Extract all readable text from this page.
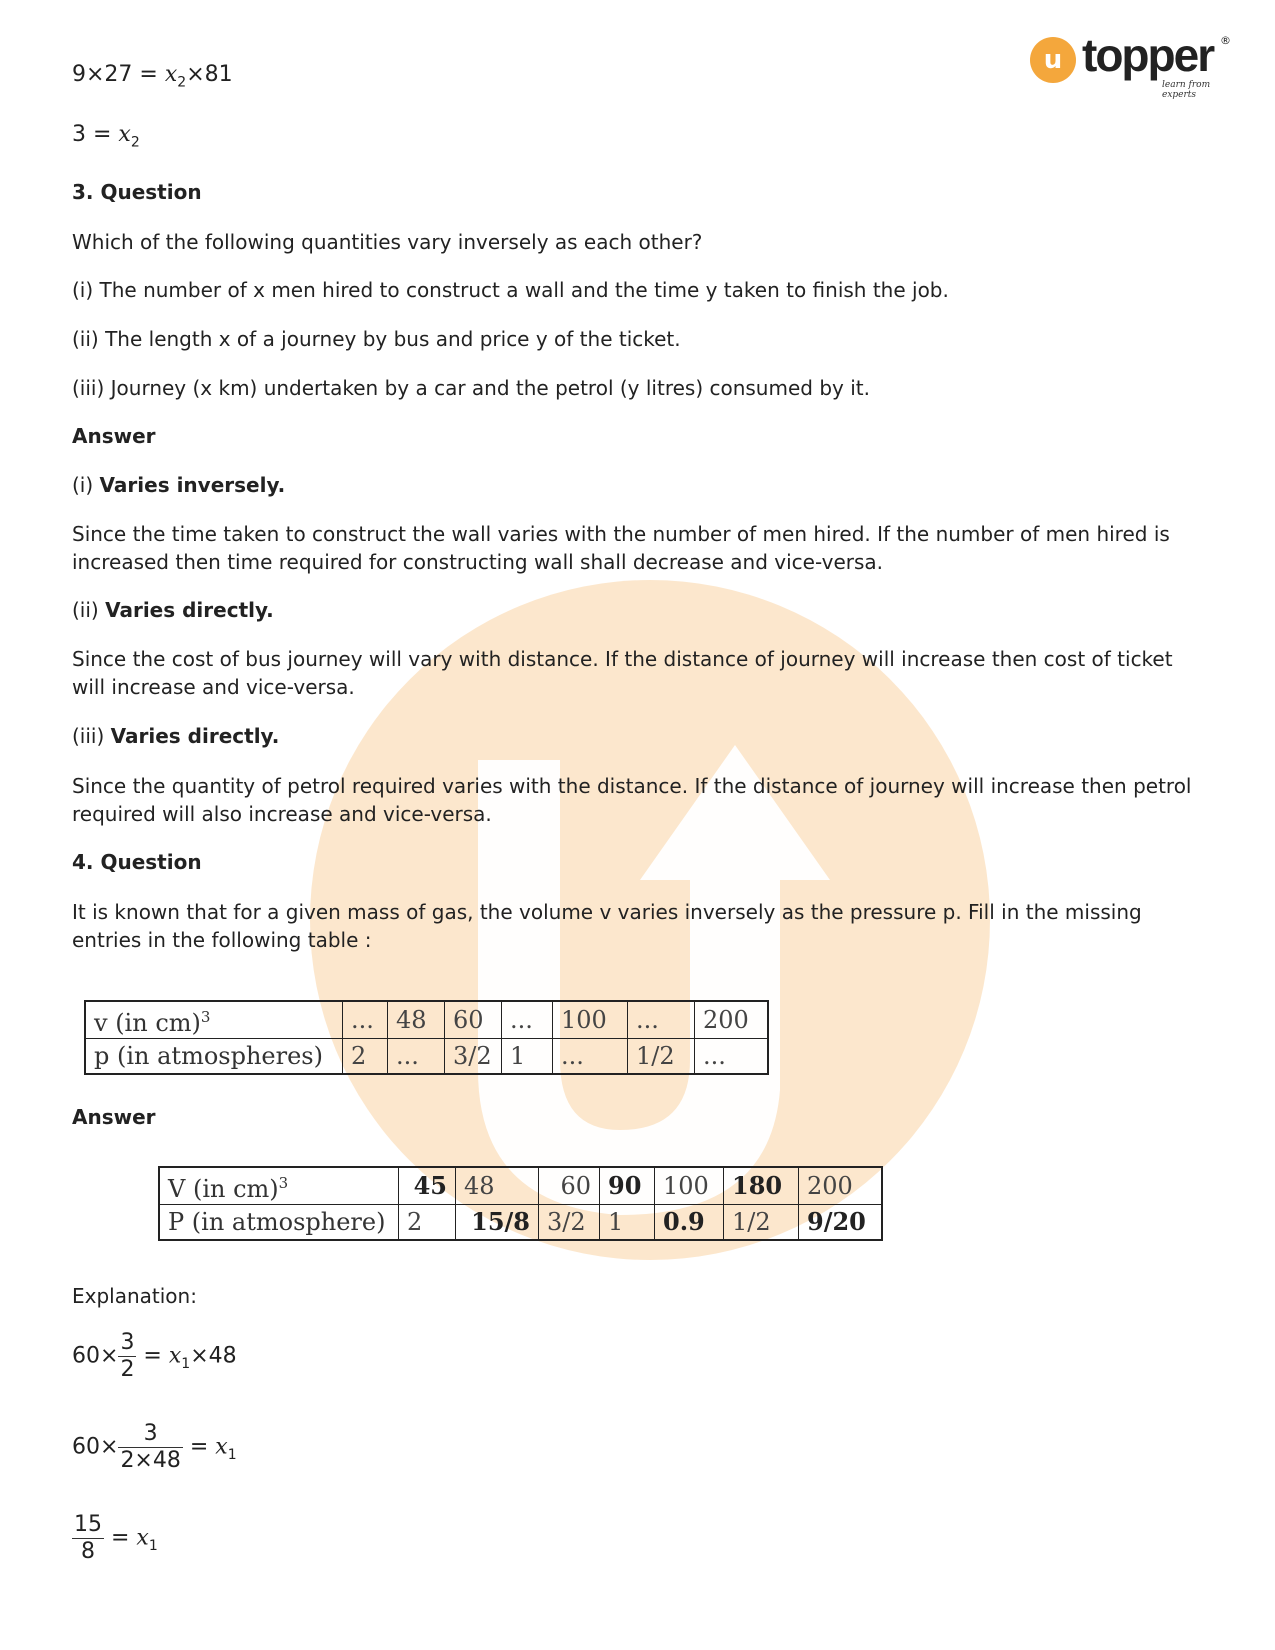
u topper ®
learn from experts
$9\times 27 = x_2\times 81$
$3 = x_2$
3. Question
Which of the following quantities vary inversely as each other?
(i) The number of x men hired to construct a wall and the time y taken to finish the job.
(ii) The length x of a journey by bus and price y of the ticket.
(iii) Journey (x km) undertaken by a car and the petrol (y litres) consumed by it.
Answer
(i) Varies inversely.
Since the time taken to construct the wall varies with the number of men hired. If the number of men hired is increased then time required for constructing wall shall decrease and vice-versa.
(ii) Varies directly.
Since the cost of bus journey will vary with distance. If the distance of journey will increase then cost of ticket will increase and vice-versa.
(iii) Varies directly.
Since the quantity of petrol required varies with the distance. If the distance of journey will increase then petrol required will also increase and vice-versa.
4. Question
It is known that for a given mass of gas, the volume v varies inversely as the pressure p. Fill in the missing entries in the following table :
v (in cm)$^3$	...	48	60	...	100	...	200
p (in atmospheres)	2	...	3/2	1	...	1/2	...
Answer
V (in cm)$^3$	45	48	60	90	100	180	200
P (in atmosphere)	2	15/8	3/2	1	0.9	1/2	9/20
Explanation:
$60\times \frac{3}{2} = x_1\times 48$
$60\times \frac{3}{2\times 48} = x_1$
$\frac{15}{8} = x_1$
